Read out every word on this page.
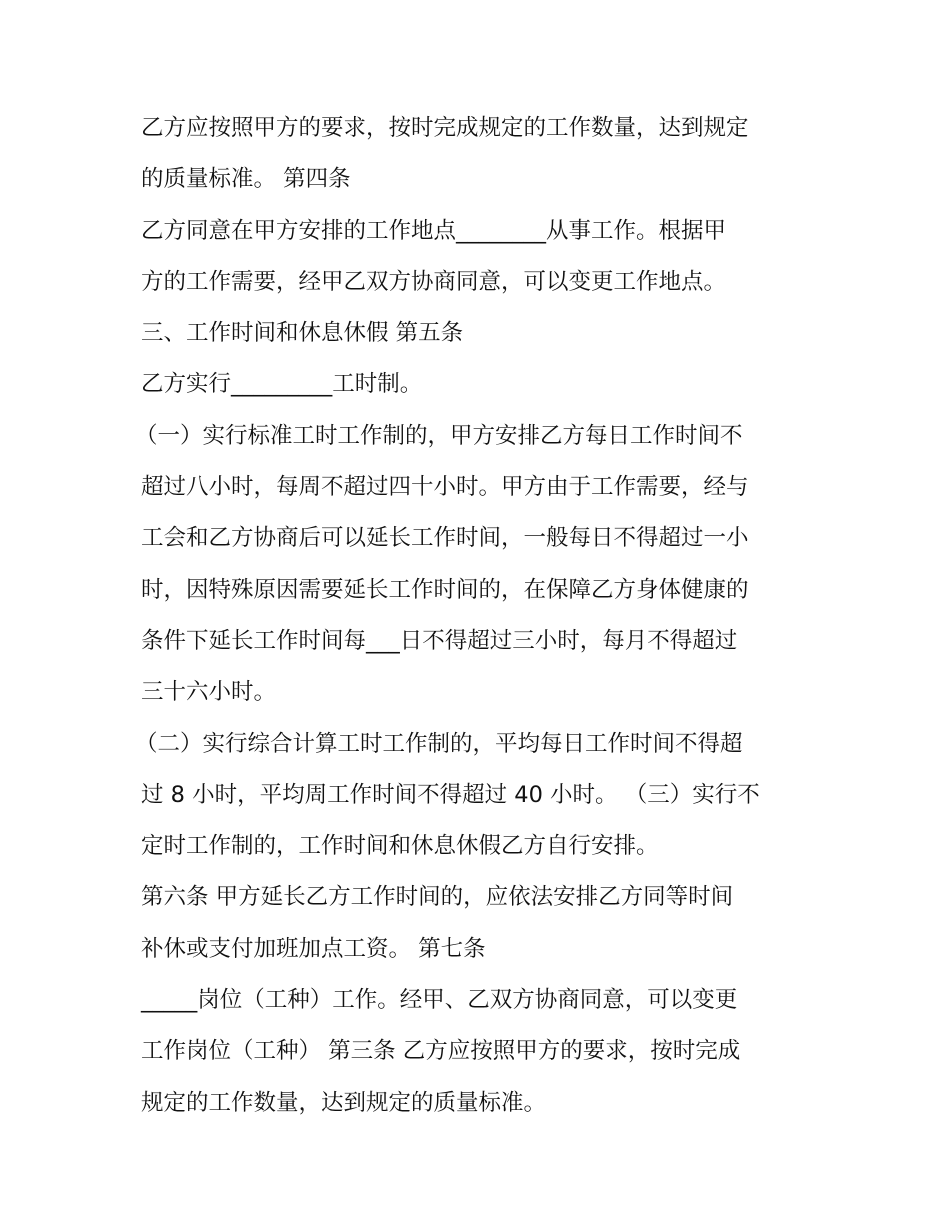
乙方应按照甲方的要求，按时完成规定的工作数量，达到规定
的质量标准。 第四条
乙方同意在甲方安排的工作地点________从事工作。根据甲
方的工作需要，经甲乙双方协商同意，可以变更工作地点。
三、工作时间和休息休假 第五条
乙方实行_________工时制。
（一）实行标准工时工作制的，甲方安排乙方每日工作时间不
超过八小时，每周不超过四十小时。甲方由于工作需要，经与
工会和乙方协商后可以延长工作时间，一般每日不得超过一小
时，因特殊原因需要延长工作时间的，在保障乙方身体健康的
条件下延长工作时间每___日不得超过三小时，每月不得超过
三十六小时。
（二）实行综合计算工时工作制的，平均每日工作时间不得超
过 8 小时，平均周工作时间不得超过 40 小时。 （三）实行不
定时工作制的，工作时间和休息休假乙方自行安排。
第六条 甲方延长乙方工作时间的，应依法安排乙方同等时间
补休或支付加班加点工资。 第七条
_____岗位（工种）工作。经甲、乙双方协商同意，可以变更
工作岗位（工种） 第三条 乙方应按照甲方的要求，按时完成
规定的工作数量，达到规定的质量标准。
